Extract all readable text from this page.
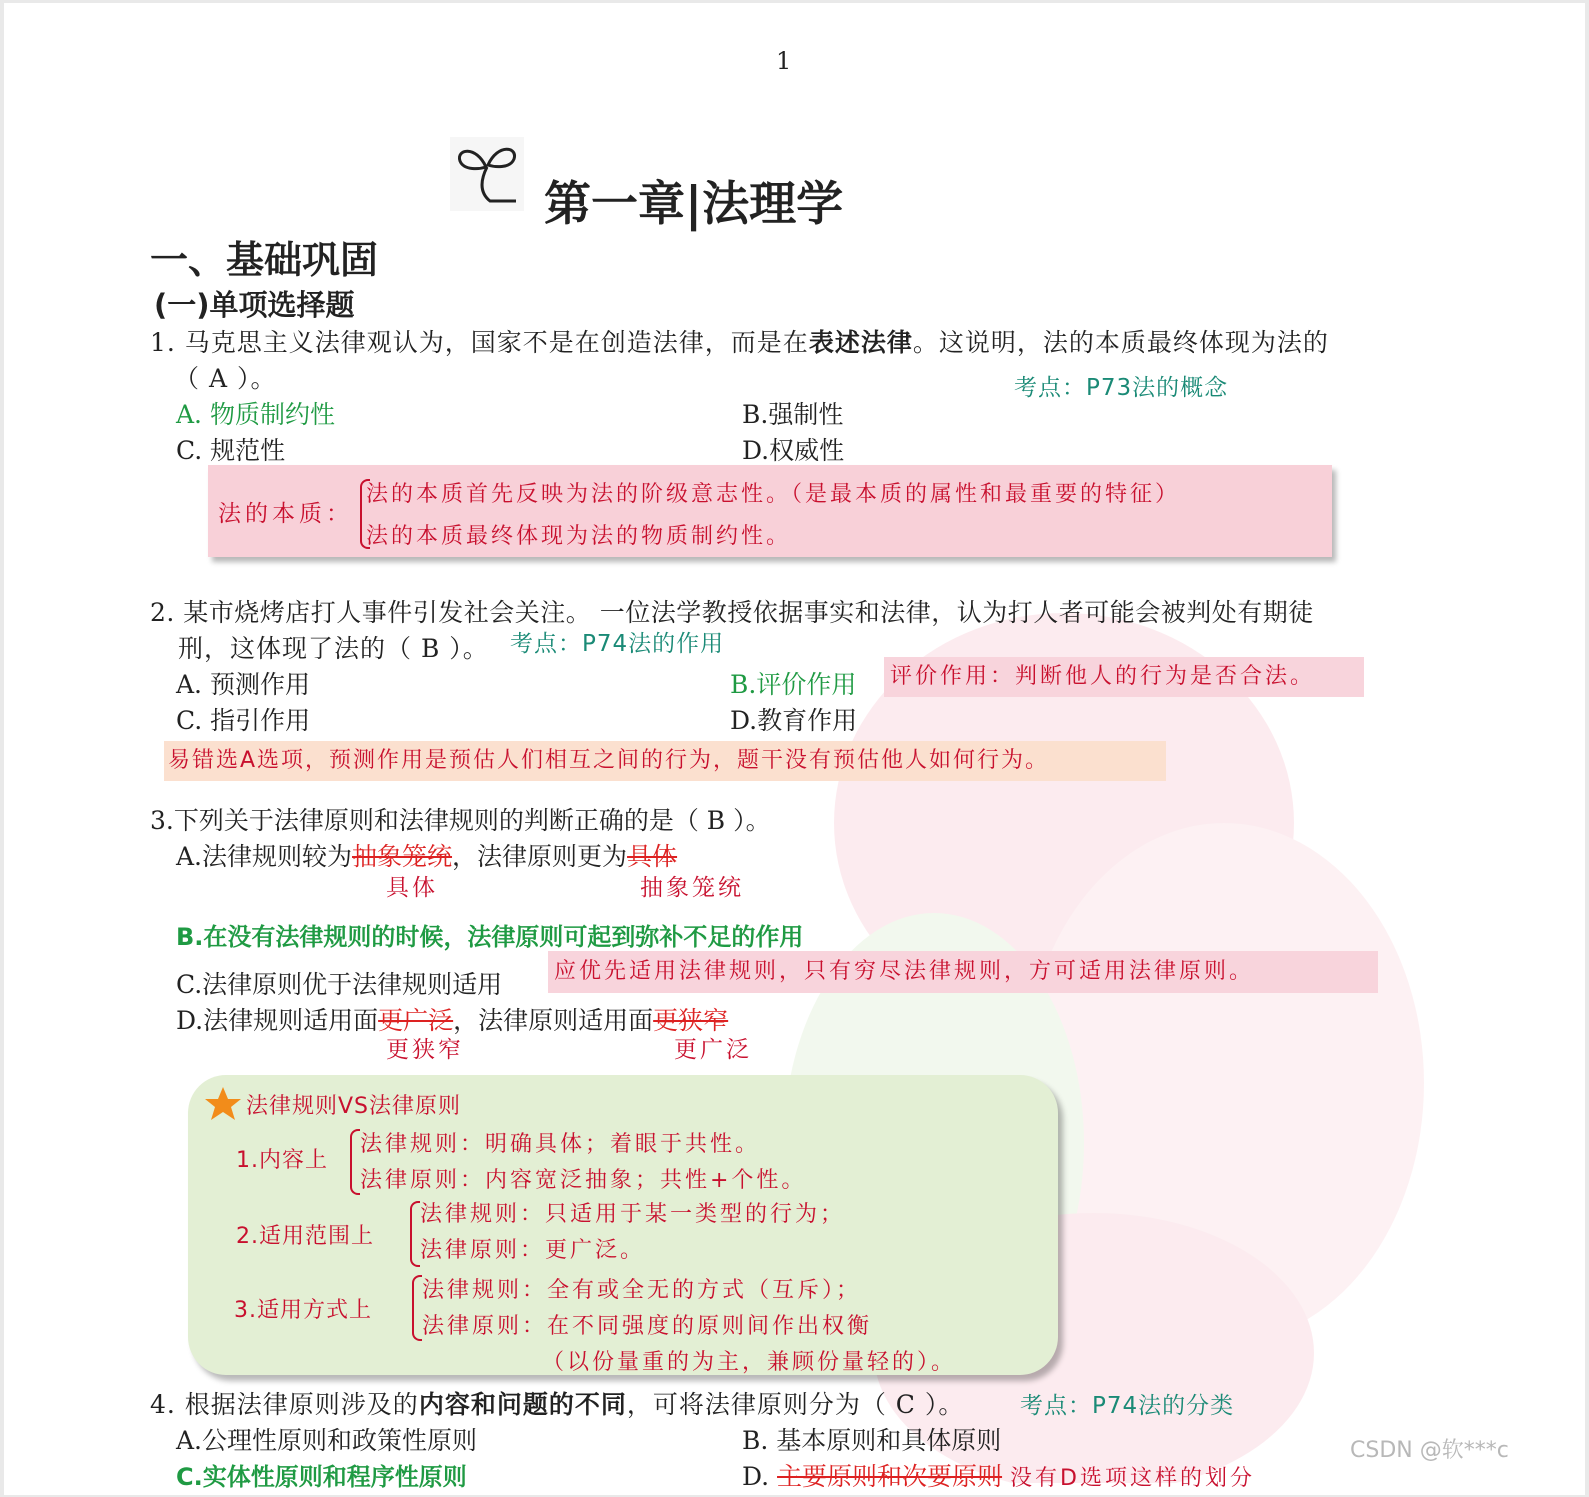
1
第一章|法理学
一、基础巩固
(一)单项选择题
1. 马克思主义法律观认为，国家不是在创造法律，而是在表述法律。这说明，法的本质最终体现为法的
（ A ）。	考点：P73法的概念
A. 物质制约性	B.强制性
C. 规范性	D.权威性
法的本质：
法的本质首先反映为法的阶级意志性。（是最本质的属性和最重要的特征）
法的本质最终体现为法的物质制约性。
2. 某市烧烤店打人事件引发社会关注。 一位法学教授依据事实和法律，认为打人者可能会被判处有期徒
刑，这体现了法的（ B ）。 考点：P74法的作用
A. 预测作用	B.评价作用 评价作用：判断他人的行为是否合法。
C. 指引作用	D.教育作用
易错选A选项，预测作用是预估人们相互之间的行为，题干没有预估他人如何行为。
3.下列关于法律原则和法律规则的判断正确的是（ B ）。
A.法律规则较为抽象笼统，法律原则更为具体
具体	抽象笼统
B.在没有法律规则的时候，法律原则可起到弥补不足的作用
C.法律原则优于法律规则适用 应优先适用法律规则，只有穷尽法律规则，方可适用法律原则。
D.法律规则适用面更广泛，法律原则适用面更狭窄
更狭窄	更广泛
法律规则VS法律原则
1.内容上
法律规则：明确具体；着眼于共性。
法律原则：内容宽泛抽象；共性+个性。
2.适用范围上
法律规则：只适用于某一类型的行为；
法律原则：更广泛。
3.适用方式上
法律规则：全有或全无的方式（互斥）；
法律原则：在不同强度的原则间作出权衡
（以份量重的为主，兼顾份量轻的）。
4. 根据法律原则涉及的内容和问题的不同，可将法律原则分为（ C ）。 考点：P74法的分类
A.公理性原则和政策性原则	B. 基本原则和具体原则
C.实体性原则和程序性原则	D. 主要原则和次要原则 没有D选项这样的划分
CSDN @软***c
